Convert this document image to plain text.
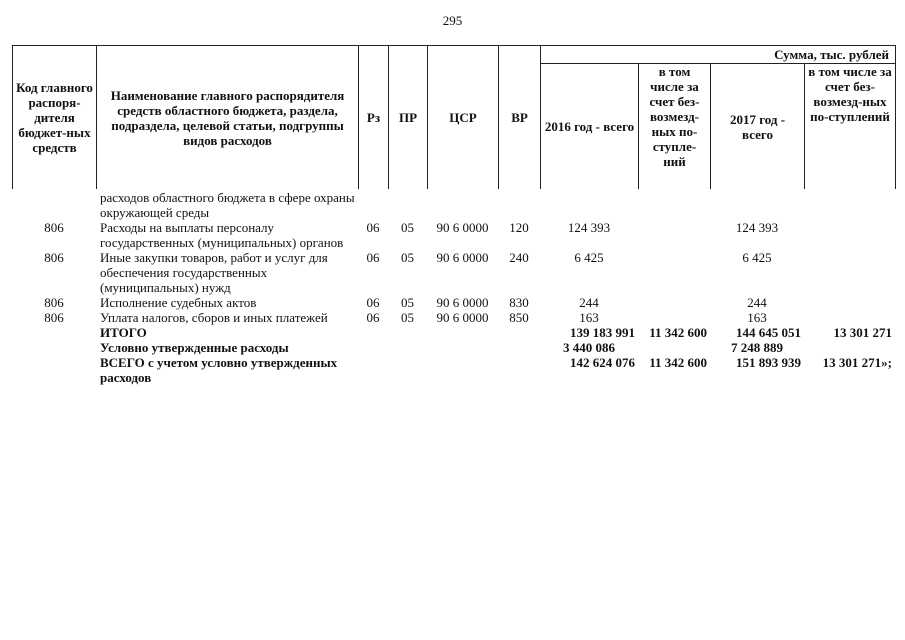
295
Код главного распоря-дителя бюджет-ных средств	Наименование главного распорядителя средств областного бюджета, раздела, подраздела, целевой статьи, подгруппы видов расходов	Рз	ПР	ЦСР	ВР	Сумма, тыс. рублей			
						2016 год - всего	в том числе за счет без-возмезд-ных по-ступле-ний	2017 год - всего	в том числе за счет без-возмезд-ных по-ступлений
	расходов областного бюджета в сфере охраны окружающей среды								
806	Расходы на выплаты персоналу государственных (муниципальных) органов	06	05	90 6 0000	120	124 393		124 393	
806	Иные закупки товаров, работ и услуг для обеспечения государственных (муниципальных) нужд	06	05	90 6 0000	240	6 425		6 425	
806	Исполнение судебных актов	06	05	90 6 0000	830	244		244	
806	Уплата налогов, сборов и иных платежей	06	05	90 6 0000	850	163		163	
	ИТОГО					139 183 991	11 342 600	144 645 051	13 301 271
	Условно утвержденные расходы					3 440 086		7 248 889	
	ВСЕГО с учетом условно утвержденных расходов					142 624 076	11 342 600	151 893 939	13 301 271»;
